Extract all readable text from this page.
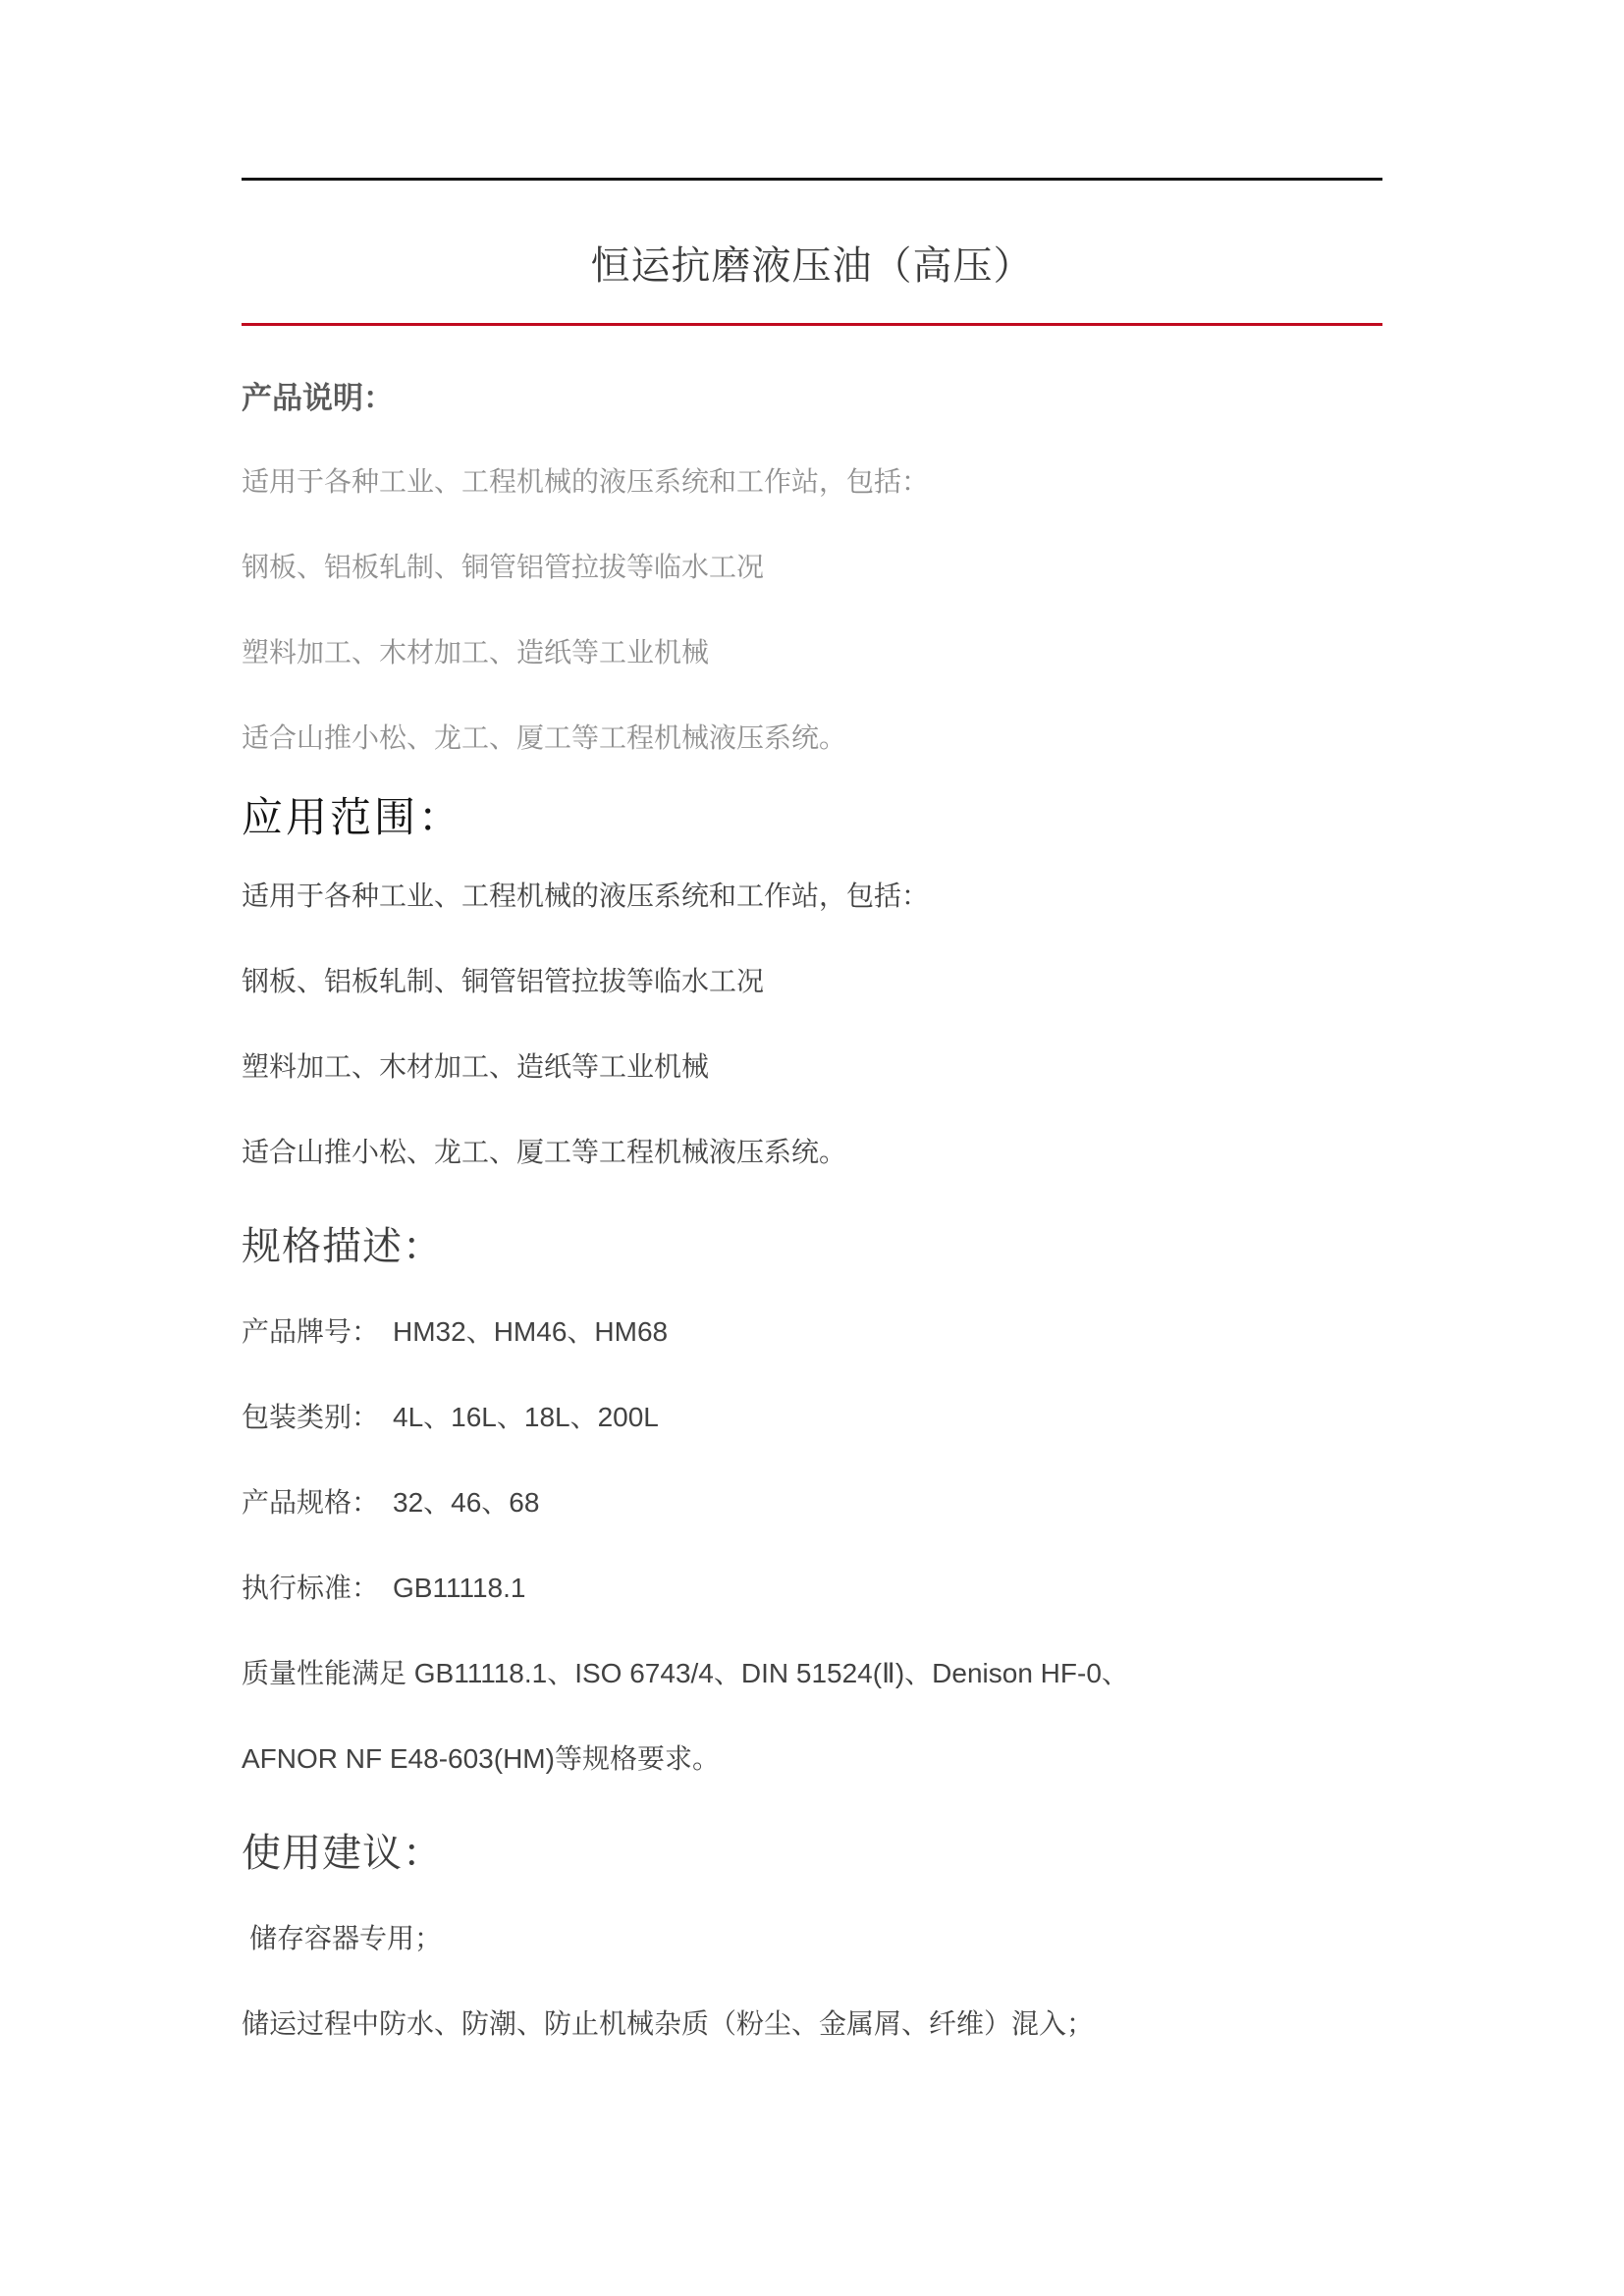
恒运抗磨液压油（高压）
产品说明：

适用于各种工业、工程机械的液压系统和工作站，包括：

钢板、铝板轧制、铜管铝管拉拔等临水工况

塑料加工、木材加工、造纸等工业机械

适合山推小松、龙工、厦工等工程机械液压系统。

应用范围：

适用于各种工业、工程机械的液压系统和工作站，包括：

钢板、铝板轧制、铜管铝管拉拔等临水工况

塑料加工、木材加工、造纸等工业机械

适合山推小松、龙工、厦工等工程机械液压系统。

规格描述：

产品牌号： HM32、HM46、HM68

包装类别： 4L、16L、18L、200L

产品规格： 32、46、68

执行标准： GB11118.1

质量性能满足 GB11118.1、ISO 6743/4、DIN 51524(Ⅱ)、Denison HF-0、

AFNOR NF E48-603(HM)等规格要求。

使用建议：

储存容器专用；

储运过程中防水、防潮、防止机械杂质（粉尘、金属屑、纤维）混入；
